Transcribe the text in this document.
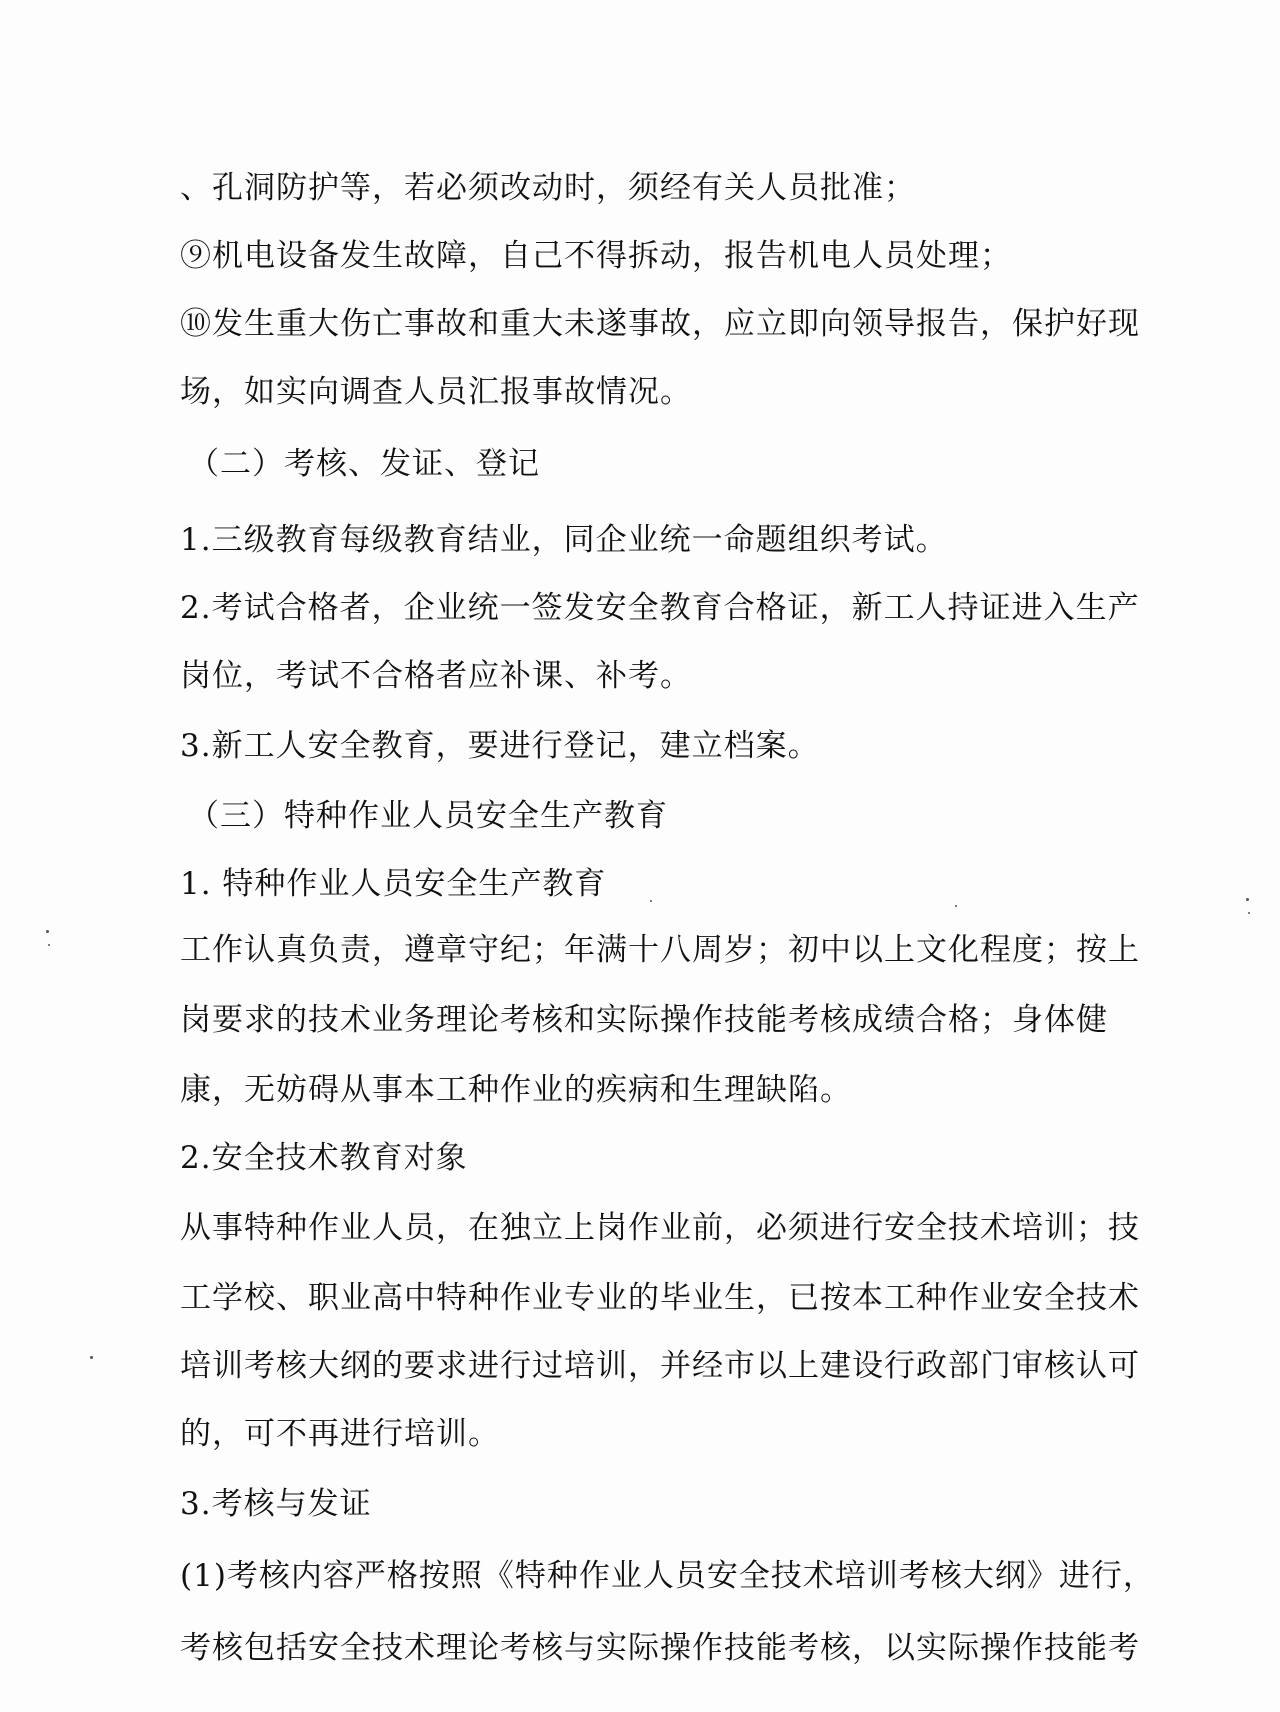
、孔洞防护等，若必须改动时，须经有关人员批准；
⑨机电设备发生故障，自己不得拆动，报告机电人员处理；
⑩发生重大伤亡事故和重大未遂事故，应立即向领导报告，保护好现
场，如实向调查人员汇报事故情况。
（二）考核、发证、登记
1.三级教育每级教育结业，同企业统一命题组织考试。
2.考试合格者，企业统一签发安全教育合格证，新工人持证进入生产
岗位，考试不合格者应补课、补考。
3.新工人安全教育，要进行登记，建立档案。
（三）特种作业人员安全生产教育
1. 特种作业人员安全生产教育
工作认真负责，遵章守纪；年满十八周岁；初中以上文化程度；按上
岗要求的技术业务理论考核和实际操作技能考核成绩合格；身体健
康，无妨碍从事本工种作业的疾病和生理缺陷。
2.安全技术教育对象
从事特种作业人员，在独立上岗作业前，必须进行安全技术培训；技
工学校、职业高中特种作业专业的毕业生，已按本工种作业安全技术
培训考核大纲的要求进行过培训，并经市以上建设行政部门审核认可
的，可不再进行培训。
3.考核与发证
(1)考核内容严格按照《特种作业人员安全技术培训考核大纲》进行，
考核包括安全技术理论考核与实际操作技能考核，以实际操作技能考
